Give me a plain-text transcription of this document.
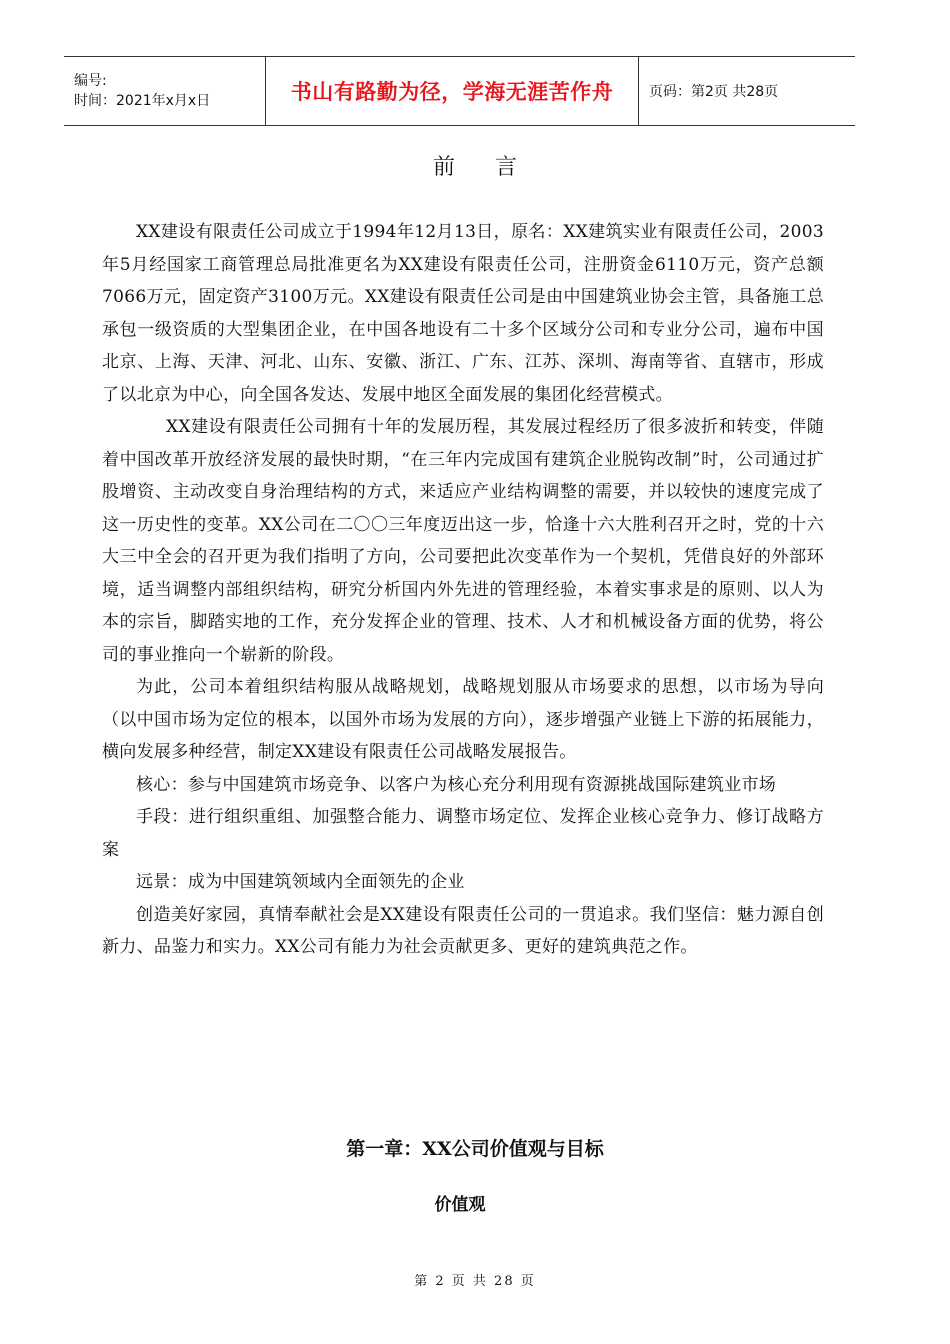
编号:
时间：2021年x月x日	书山有路勤为径，学海无涯苦作舟	页码：第2页 共28页
前言

XX建设有限责任公司成立于1994年12月13日，原名：XX建筑实业有限责任公司，2003年5月经国家工商管理总局批准更名为XX建设有限责任公司，注册资金6110万元，资产总额7066万元，固定资产3100万元。XX建设有限责任公司是由中国建筑业协会主管，具备施工总承包一级资质的大型集团企业，在中国各地设有二十多个区域分公司和专业分公司，遍布中国北京、上海、天津、河北、山东、安徽、浙江、广东、江苏、深圳、海南等省、直辖市，形成了以北京为中心，向全国各发达、发展中地区全面发展的集团化经营模式。

XX建设有限责任公司拥有十年的发展历程，其发展过程经历了很多波折和转变，伴随着中国改革开放经济发展的最快时期，“在三年内完成国有建筑企业脱钩改制”时，公司通过扩股增资、主动改变自身治理结构的方式，来适应产业结构调整的需要，并以较快的速度完成了这一历史性的变革。XX公司在二〇〇三年度迈出这一步，恰逢十六大胜利召开之时，党的十六大三中全会的召开更为我们指明了方向，公司要把此次变革作为一个契机，凭借良好的外部环境，适当调整内部组织结构，研究分析国内外先进的管理经验，本着实事求是的原则、以人为本的宗旨，脚踏实地的工作，充分发挥企业的管理、技术、人才和机械设备方面的优势，将公司的事业推向一个崭新的阶段。

为此，公司本着组织结构服从战略规划，战略规划服从市场要求的思想，以市场为导向（以中国市场为定位的根本，以国外市场为发展的方向），逐步增强产业链上下游的拓展能力，横向发展多种经营，制定XX建设有限责任公司战略发展报告。

核心：参与中国建筑市场竞争、以客户为核心充分利用现有资源挑战国际建筑业市场

手段：进行组织重组、加强整合能力、调整市场定位、发挥企业核心竞争力、修订战略方案

远景：成为中国建筑领域内全面领先的企业

创造美好家园，真情奉献社会是XX建设有限责任公司的一贯追求。我们坚信：魅力源自创新力、品鉴力和实力。XX公司有能力为社会贡献更多、更好的建筑典范之作。

第一章：XX公司价值观与目标
价值观
第 2 页 共 28 页
